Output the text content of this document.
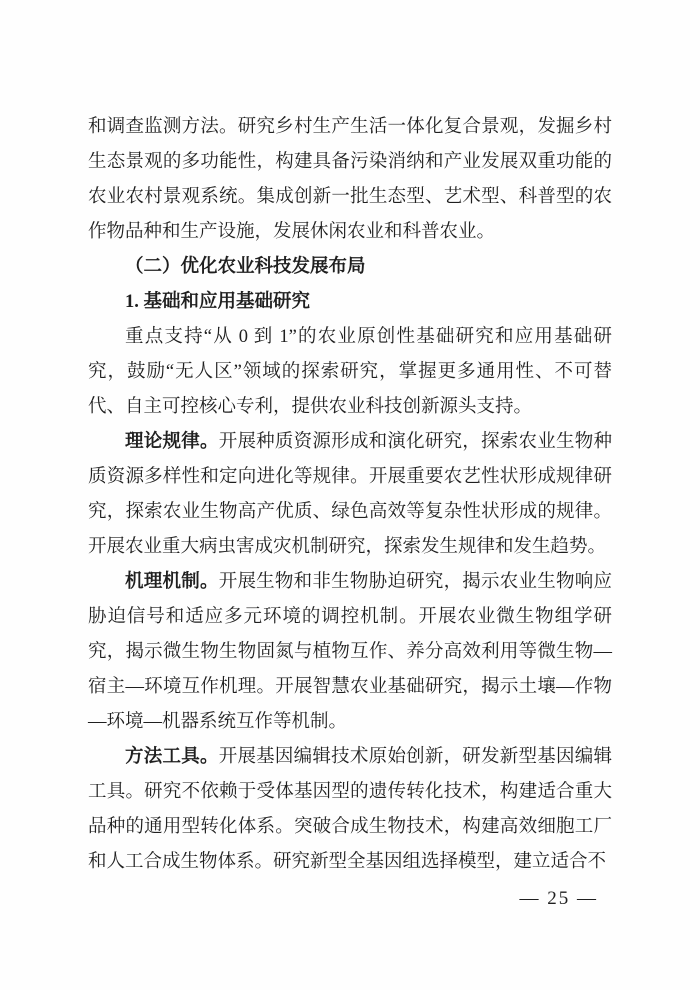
和调查监测方法。研究乡村生产生活一体化复合景观，发掘乡村生态景观的多功能性，构建具备污染消纳和产业发展双重功能的农业农村景观系统。集成创新一批生态型、艺术型、科普型的农作物品种和生产设施，发展休闲农业和科普农业。

（二）优化农业科技发展布局

1. 基础和应用基础研究

重点支持“从 0 到 1”的农业原创性基础研究和应用基础研究，鼓励“无人区”领域的探索研究，掌握更多通用性、不可替代、自主可控核心专利，提供农业科技创新源头支持。

理论规律。开展种质资源形成和演化研究，探索农业生物种质资源多样性和定向进化等规律。开展重要农艺性状形成规律研究，探索农业生物高产优质、绿色高效等复杂性状形成的规律。开展农业重大病虫害成灾机制研究，探索发生规律和发生趋势。

机理机制。开展生物和非生物胁迫研究，揭示农业生物响应胁迫信号和适应多元环境的调控机制。开展农业微生物组学研究，揭示微生物生物固氮与植物互作、养分高效利用等微生物—宿主—环境互作机理。开展智慧农业基础研究，揭示土壤—作物—环境—机器系统互作等机制。

方法工具。开展基因编辑技术原始创新，研发新型基因编辑工具。研究不依赖于受体基因型的遗传转化技术，构建适合重大品种的通用型转化体系。突破合成生物技术，构建高效细胞工厂和人工合成生物体系。研究新型全基因组选择模型，建立适合不

— 25 —
